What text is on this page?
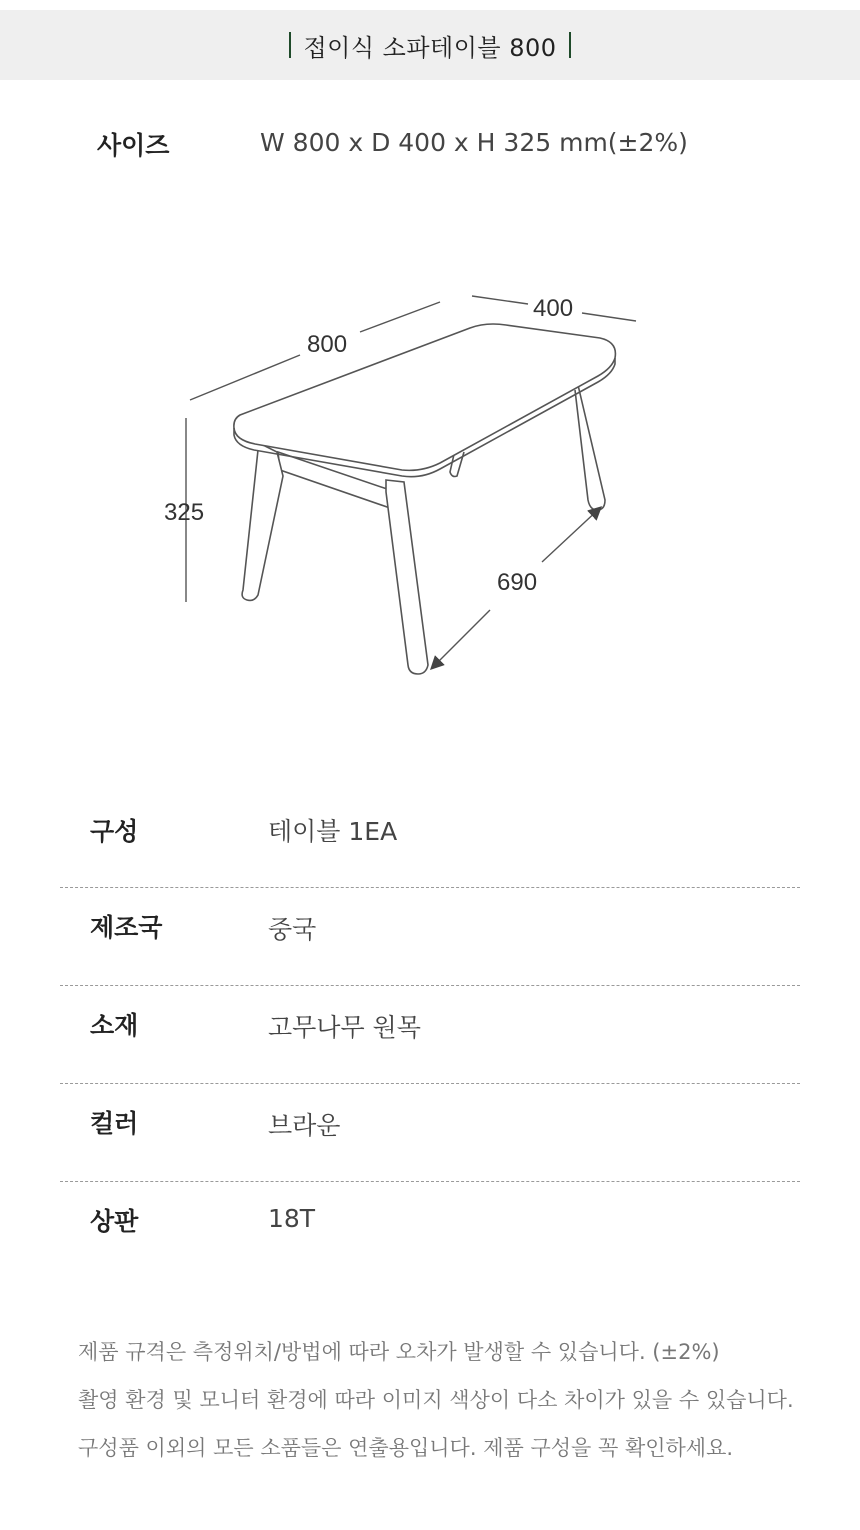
접이식 소파테이블 800
사이즈	W 800 x D 400 x H 325 mm(±2%)
800
400
325
690
구성	테이블 1EA
제조국	중국
소재	고무나무 원목
컬러	브라운
상판	18T
제품 규격은 측정위치/방법에 따라 오차가 발생할 수 있습니다. (±2%)
촬영 환경 및 모니터 환경에 따라 이미지 색상이 다소 차이가 있을 수 있습니다.
구성품 이외의 모든 소품들은 연출용입니다. 제품 구성을 꼭 확인하세요.
